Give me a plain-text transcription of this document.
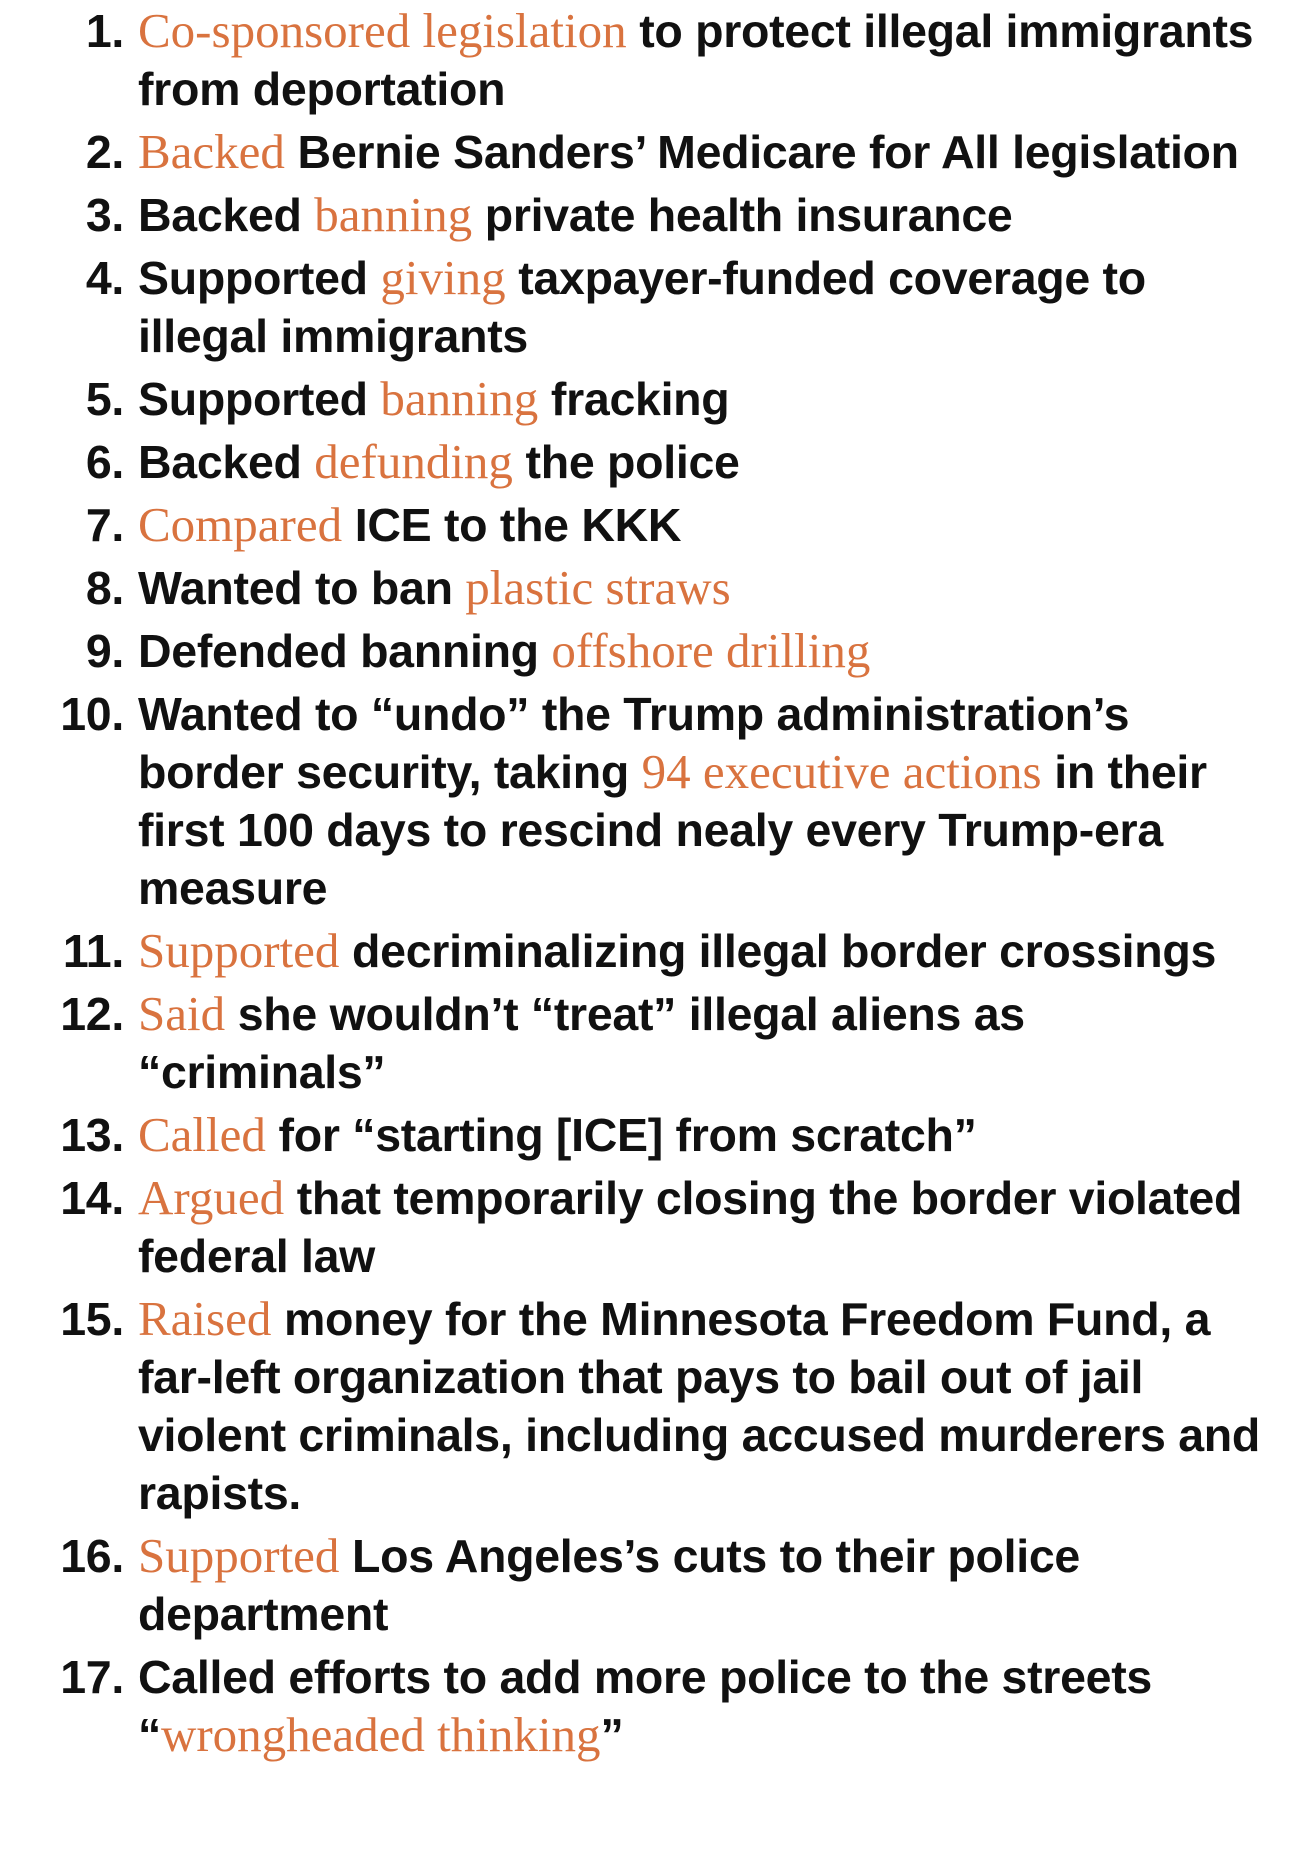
1. Co-sponsored legislation to protect illegal immigrants from deportation
2. Backed Bernie Sanders’ Medicare for All legislation
3. Backed banning private health insurance
4. Supported giving taxpayer-funded coverage to illegal immigrants
5. Supported banning fracking
6. Backed defunding the police
7. Compared ICE to the KKK
8. Wanted to ban plastic straws
9. Defended banning offshore drilling
10. Wanted to “undo” the Trump administration’s border security, taking 94 executive actions in their first 100 days to rescind nealy every Trump-era measure
11. Supported decriminalizing illegal border crossings
12. Said she wouldn’t “treat” illegal aliens as “criminals”
13. Called for “starting [ICE] from scratch”
14. Argued that temporarily closing the border violated federal law
15. Raised money for the Minnesota Freedom Fund, a far-left organization that pays to bail out of jail violent criminals, including accused murderers and rapists.
16. Supported Los Angeles’s cuts to their police department
17. Called efforts to add more police to the streets “wrongheaded thinking”
